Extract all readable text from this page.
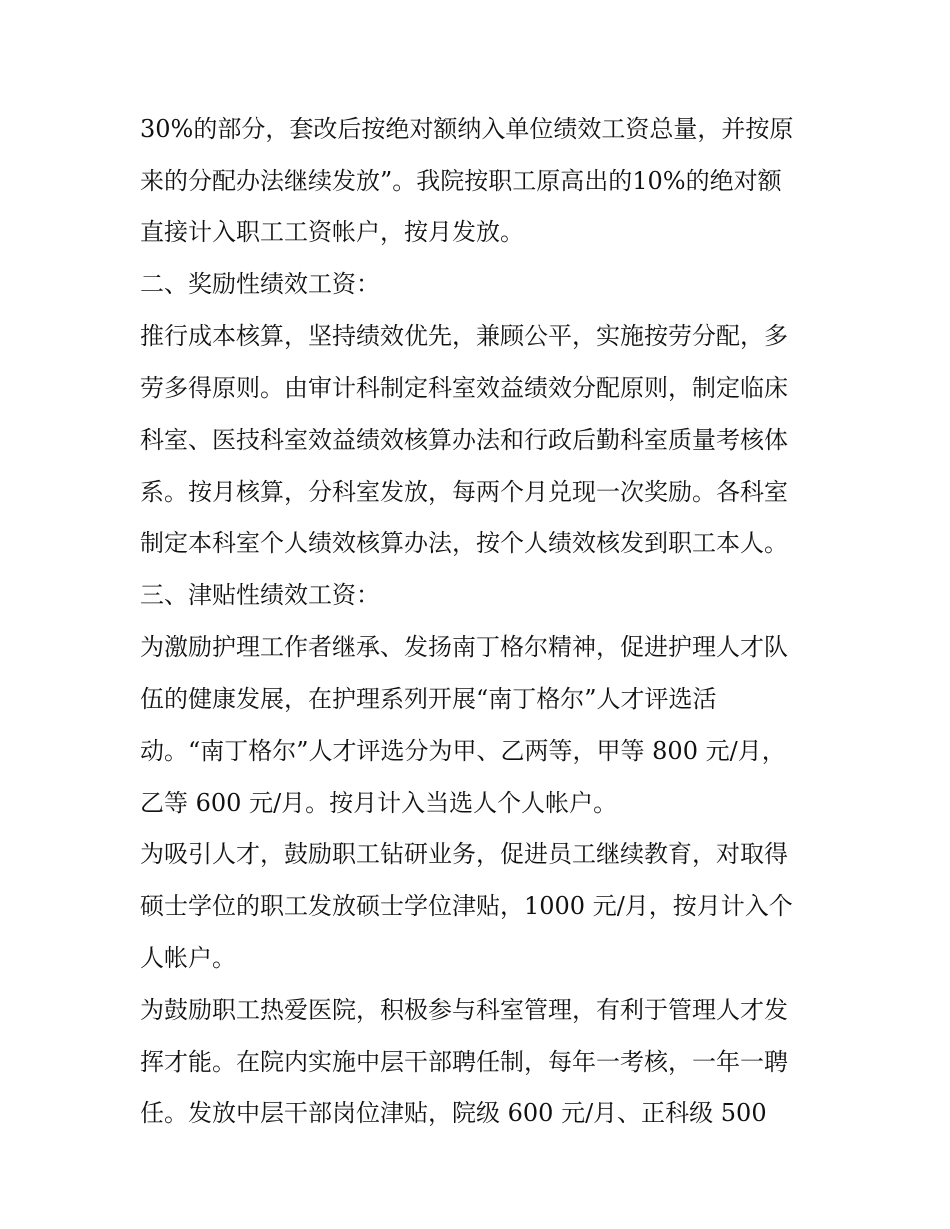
30%的部分，套改后按绝对额纳入单位绩效工资总量，并按原
来的分配办法继续发放”。我院按职工原高出的10%的绝对额
直接计入职工工资帐户，按月发放。
二、奖励性绩效工资：
推行成本核算，坚持绩效优先，兼顾公平，实施按劳分配，多
劳多得原则。由审计科制定科室效益绩效分配原则，制定临床
科室、医技科室效益绩效核算办法和行政后勤科室质量考核体
系。按月核算，分科室发放，每两个月兑现一次奖励。各科室
制定本科室个人绩效核算办法，按个人绩效核发到职工本人。
三、津贴性绩效工资：
为激励护理工作者继承、发扬南丁格尔精神，促进护理人才队
伍的健康发展，在护理系列开展“南丁格尔”人才评选活
动。“南丁格尔”人才评选分为甲、乙两等，甲等 800 元/月，
乙等 600 元/月。按月计入当选人个人帐户。
为吸引人才，鼓励职工钻研业务，促进员工继续教育，对取得
硕士学位的职工发放硕士学位津贴，1000 元/月，按月计入个
人帐户。
为鼓励职工热爱医院，积极参与科室管理，有利于管理人才发
挥才能。在院内实施中层干部聘任制，每年一考核，一年一聘
任。发放中层干部岗位津贴，院级 600 元/月、正科级 500
